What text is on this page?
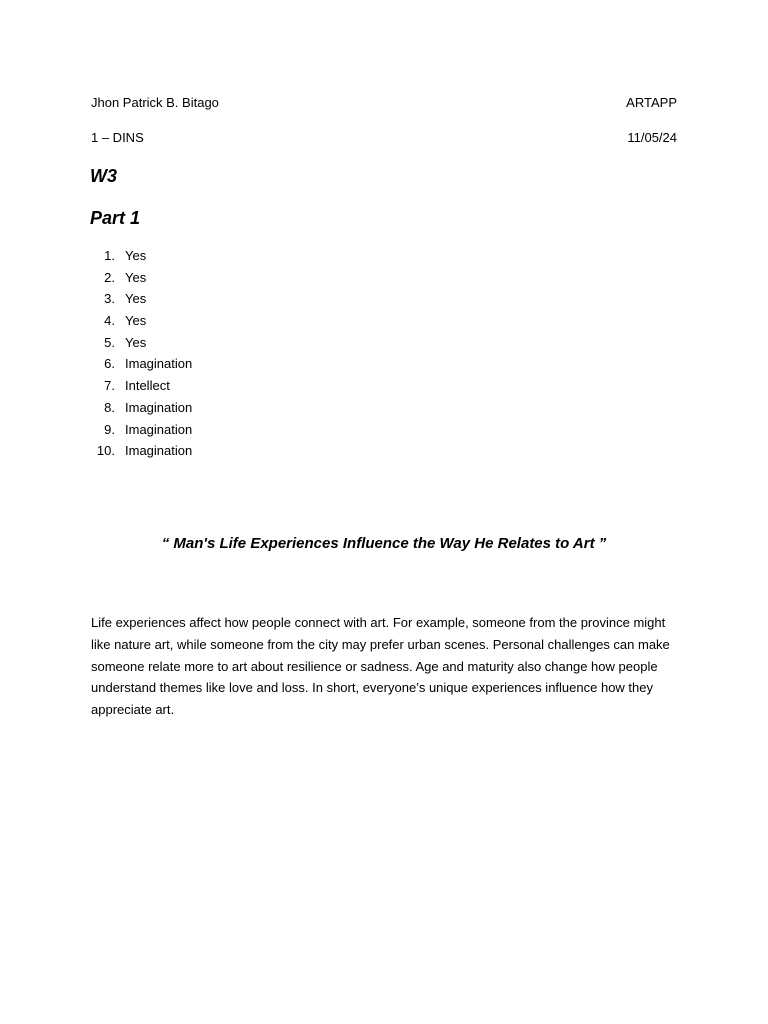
Jhon Patrick B. Bitago	ARTAPP
1 – DINS	11/05/24
W3
Part 1
1. Yes
2. Yes
3. Yes
4. Yes
5. Yes
6. Imagination
7. Intellect
8. Imagination
9. Imagination
10. Imagination
“ Man's Life Experiences Influence the Way He Relates to Art ”

Life experiences affect how people connect with art. For example, someone from the province might like nature art, while someone from the city may prefer urban scenes. Personal challenges can make someone relate more to art about resilience or sadness. Age and maturity also change how people understand themes like love and loss. In short, everyone’s unique experiences influence how they appreciate art.
